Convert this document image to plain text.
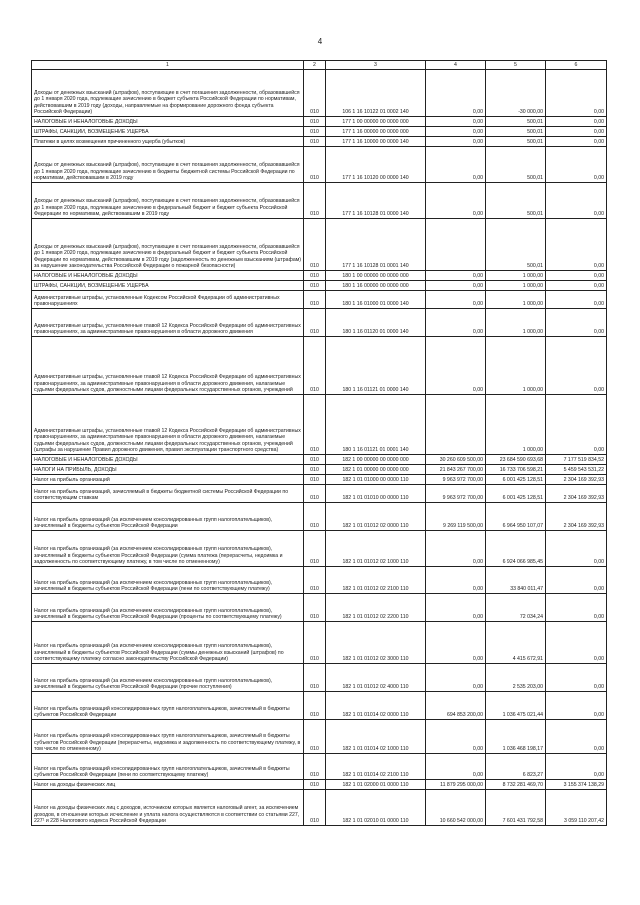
4
1	2	3	4	5	6
Доходы от денежных взысканий (штрафов), поступающие в счет погашения задолженности, образовавшейся до 1 января 2020 года, подлежащие зачислению в бюджет субъекта Российской Федерации по нормативам, действовавшим в 2019 году (доходы, направляемые на формирование дорожного фонда субъекта Российской Федерации)	010	106 1 16 10122 01 0002 140	0,00	-30 000,00	0,00
НАЛОГОВЫЕ И НЕНАЛОГОВЫЕ ДОХОДЫ	010	177 1 00 00000 00 0000 000	0,00	500,01	0,00
ШТРАФЫ, САНКЦИИ, ВОЗМЕЩЕНИЕ УЩЕРБА	010	177 1 16 00000 00 0000 000	0,00	500,01	0,00
Платежи в целях возмещения причиненного ущерба (убытков)	010	177 1 16 10000 00 0000 140	0,00	500,01	0,00
Доходы от денежных взысканий (штрафов), поступающие в счет погашения задолженности, образовавшейся до 1 января 2020 года, подлежащие зачислению в бюджеты бюджетной системы Российской Федерации по нормативам, действовавшим в 2019 году	010	177 1 16 10120 00 0000 140	0,00	500,01	0,00
Доходы от денежных взысканий (штрафов), поступающие в счет погашения задолженности, образовавшейся до 1 января 2020 года, подлежащие зачислению в федеральный бюджет и бюджет субъекта Российской Федерации по нормативам, действовавшим в 2019 году	010	177 1 16 10128 01 0000 140	0,00	500,01	0,00
Доходы от денежных взысканий (штрафов), поступающие в счет погашения задолженности, образовавшейся до 1 января 2020 года, подлежащие зачислению в федеральный бюджет и бюджет субъекта Российской Федерации по нормативам, действовавшим в 2019 году (задолженность по денежным взысканиям (штрафам) за нарушение законодательства Российской Федерации о пожарной безопасности)	010	177 1 16 10128 01 0001 140		500,01	0,00
НАЛОГОВЫЕ И НЕНАЛОГОВЫЕ ДОХОДЫ	010	180 1 00 00000 00 0000 000	0,00	1 000,00	0,00
ШТРАФЫ, САНКЦИИ, ВОЗМЕЩЕНИЕ УЩЕРБА	010	180 1 16 00000 00 0000 000	0,00	1 000,00	0,00
Административные штрафы, установленные Кодексом Российской Федерации об административных правонарушениях	010	180 1 16 01000 01 0000 140	0,00	1 000,00	0,00
Административные штрафы, установленные главой 12 Кодекса Российской Федерации об административных правонарушениях, за административные правонарушения в области дорожного движения	010	180 1 16 01120 01 0000 140	0,00	1 000,00	0,00
Административные штрафы, установленные главой 12 Кодекса Российской Федерации об административных правонарушениях, за административные правонарушения в области дорожного движения, налагаемые судьями федеральных судов, должностными лицами федеральных государственных органов, учреждений	010	180 1 16 01121 01 0000 140	0,00	1 000,00	0,00
Административные штрафы, установленные главой 12 Кодекса Российской Федерации об административных правонарушениях, за административные правонарушения в области дорожного движения, налагаемые судьями федеральных судов, должностными лицами федеральных государственных органов, учреждений (штрафы за нарушение Правил дорожного движения, правил эксплуатации транспортного средства)	010	180 1 16 01121 01 0001 140		1 000,00	0,00
НАЛОГОВЫЕ И НЕНАЛОГОВЫЕ ДОХОДЫ	010	182 1 00 00000 00 0000 000	30 260 609 500,00	23 684 590 693,68	7 177 519 834,52
НАЛОГИ НА ПРИБЫЛЬ, ДОХОДЫ	010	182 1 01 00000 00 0000 000	21 843 267 700,00	16 733 706 598,21	5 459 543 531,22
Налог на прибыль организаций	010	182 1 01 01000 00 0000 110	9 963 972 700,00	6 001 425 128,51	2 304 169 392,93
Налог на прибыль организаций, зачисляемый в бюджеты бюджетной системы Российской Федерации по соответствующим ставкам	010	182 1 01 01010 00 0000 110	9 963 972 700,00	6 001 425 128,51	2 304 169 392,93
Налог на прибыль организаций (за исключением консолидированных групп налогоплательщиков), зачисляемый в бюджеты субъектов Российской Федерации	010	182 1 01 01012 02 0000 110	9 269 119 500,00	6 964 950 107,07	2 304 169 392,93
Налог на прибыль организаций (за исключением консолидированных групп налогоплательщиков), зачисляемый в бюджеты субъектов Российской Федерации (сумма платежа (перерасчеты, недоимка и задолженность по соответствующему платежу, в том числе по отмененному)	010	182 1 01 01012 02 1000 110	0,00	6 924 066 985,45	0,00
Налог на прибыль организаций (за исключением консолидированных групп налогоплательщиков), зачисляемый в бюджеты субъектов Российской Федерации (пени по соответствующему платежу)	010	182 1 01 01012 02 2100 110	0,00	33 840 011,47	0,00
Налог на прибыль организаций (за исключением консолидированных групп налогоплательщиков), зачисляемый в бюджеты субъектов Российской Федерации (проценты по соответствующему платежу)	010	182 1 01 01012 02 2200 110	0,00	72 034,24	0,00
Налог на прибыль организаций (за исключением консолидированных групп налогоплательщиков), зачисляемый в бюджеты субъектов Российской Федерации (суммы денежных взысканий (штрафов) по соответствующему платежу согласно законодательству Российской Федерации)	010	182 1 01 01012 02 3000 110	0,00	4 415 672,91	0,00
Налог на прибыль организаций (за исключением консолидированных групп налогоплательщиков), зачисляемый в бюджеты субъектов Российской Федерации (прочие поступления)	010	182 1 01 01012 02 4000 110	0,00	2 535 203,00	0,00
Налог на прибыль организаций консолидированных групп налогоплательщиков, зачисляемый в бюджеты субъектов Российской Федерации	010	182 1 01 01014 02 0000 110	694 853 200,00	1 036 475 021,44	0,00
Налог на прибыль организаций консолидированных групп налогоплательщиков, зачисляемый в бюджеты субъектов Российской Федерации (перерасчеты, недоимка и задолженность по соответствующему платежу, в том числе по отмененному)	010	182 1 01 01014 02 1000 110	0,00	1 036 468 198,17	0,00
Налог на прибыль организаций консолидированных групп налогоплательщиков, зачисляемый в бюджеты субъектов Российской Федерации (пени по соответствующему платежу)	010	182 1 01 01014 02 2100 110	0,00	6 823,27	0,00
Налог на доходы физических лиц	010	182 1 01 02000 01 0000 110	11 879 295 000,00	8 732 281 469,70	3 155 374 138,29
Налог на доходы физических лиц с доходов, источником которых является налоговый агент, за исключением доходов, в отношении которых исчисление и уплата налога осуществляются в соответствии со статьями 227, 227¹ и 228 Налогового кодекса Российской Федерации	010	182 1 01 02010 01 0000 110	10 660 542 000,00	7 601 431 792,58	3 059 110 207,42
